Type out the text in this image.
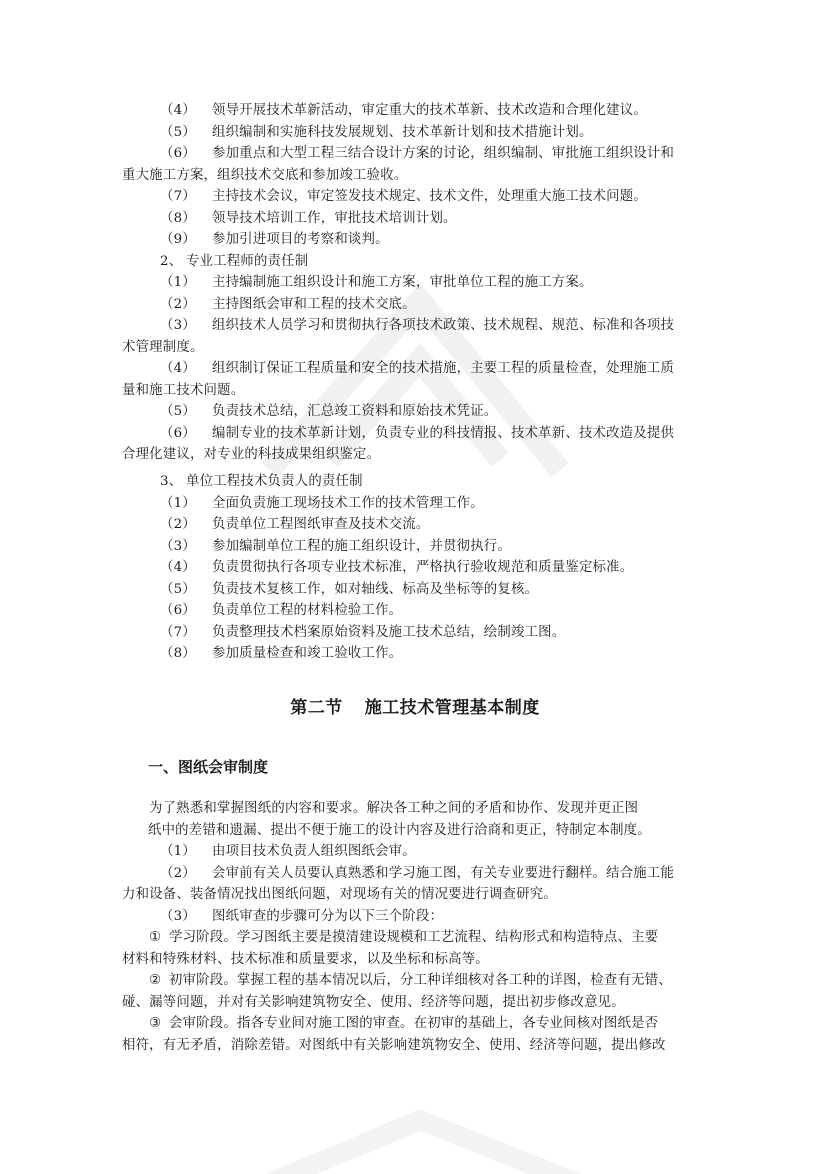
（4） 领导开展技术革新活动，审定重大的技术革新、技术改造和合理化建议。
（5） 组织编制和实施科技发展规划、技术革新计划和技术措施计划。
（6） 参加重点和大型工程三结合设计方案的讨论，组织编制、审批施工组织设计和
重大施工方案，组织技术交底和参加竣工验收。
（7） 主持技术会议，审定签发技术规定、技术文件，处理重大施工技术问题。
（8） 领导技术培训工作，审批技术培训计划。
（9） 参加引进项目的考察和谈判。
2、 专业工程师的责任制
（1） 主持编制施工组织设计和施工方案，审批单位工程的施工方案。
（2） 主持图纸会审和工程的技术交底。
（3） 组织技术人员学习和贯彻执行各项技术政策、技术规程、规范、标准和各项技
术管理制度。
（4） 组织制订保证工程质量和安全的技术措施，主要工程的质量检查，处理施工质
量和施工技术问题。
（5） 负责技术总结，汇总竣工资料和原始技术凭证。
（6） 编制专业的技术革新计划，负责专业的科技情报、技术革新、技术改造及提供
合理化建议，对专业的科技成果组织鉴定。
3、 单位工程技术负责人的责任制
（1） 全面负责施工现场技术工作的技术管理工作。
（2） 负责单位工程图纸审查及技术交流。
（3） 参加编制单位工程的施工组织设计，并贯彻执行。
（4） 负责贯彻执行各项专业技术标准，严格执行验收规范和质量鉴定标准。
（5） 负责技术复核工作，如对轴线、标高及坐标等的复核。
（6） 负责单位工程的材料检验工作。
（7） 负责整理技术档案原始资料及施工技术总结，绘制竣工图。
（8） 参加质量检查和竣工验收工作。
第二节 施工技术管理基本制度
一、图纸会审制度
为了熟悉和掌握图纸的内容和要求。解决各工种之间的矛盾和协作、发现并更正图
纸中的差错和遗漏、提出不便于施工的设计内容及进行洽商和更正，特制定本制度。
（1） 由项目技术负责人组织图纸会审。
（2） 会审前有关人员要认真熟悉和学习施工图，有关专业要进行翻样。结合施工能
力和设备、装备情况找出图纸问题，对现场有关的情况要进行调查研究。
（3） 图纸审查的步骤可分为以下三个阶段：
① 学习阶段。学习图纸主要是摸清建设规模和工艺流程、结构形式和构造特点、主要
材料和特殊材料、技术标准和质量要求，以及坐标和标高等。
② 初审阶段。掌握工程的基本情况以后，分工种详细核对各工种的详图，检查有无错、
碰、漏等问题，并对有关影响建筑物安全、使用、经济等问题，提出初步修改意见。
③ 会审阶段。指各专业间对施工图的审查。在初审的基础上，各专业间核对图纸是否
相符，有无矛盾，消除差错。对图纸中有关影响建筑物安全、使用、经济等问题，提出修改
